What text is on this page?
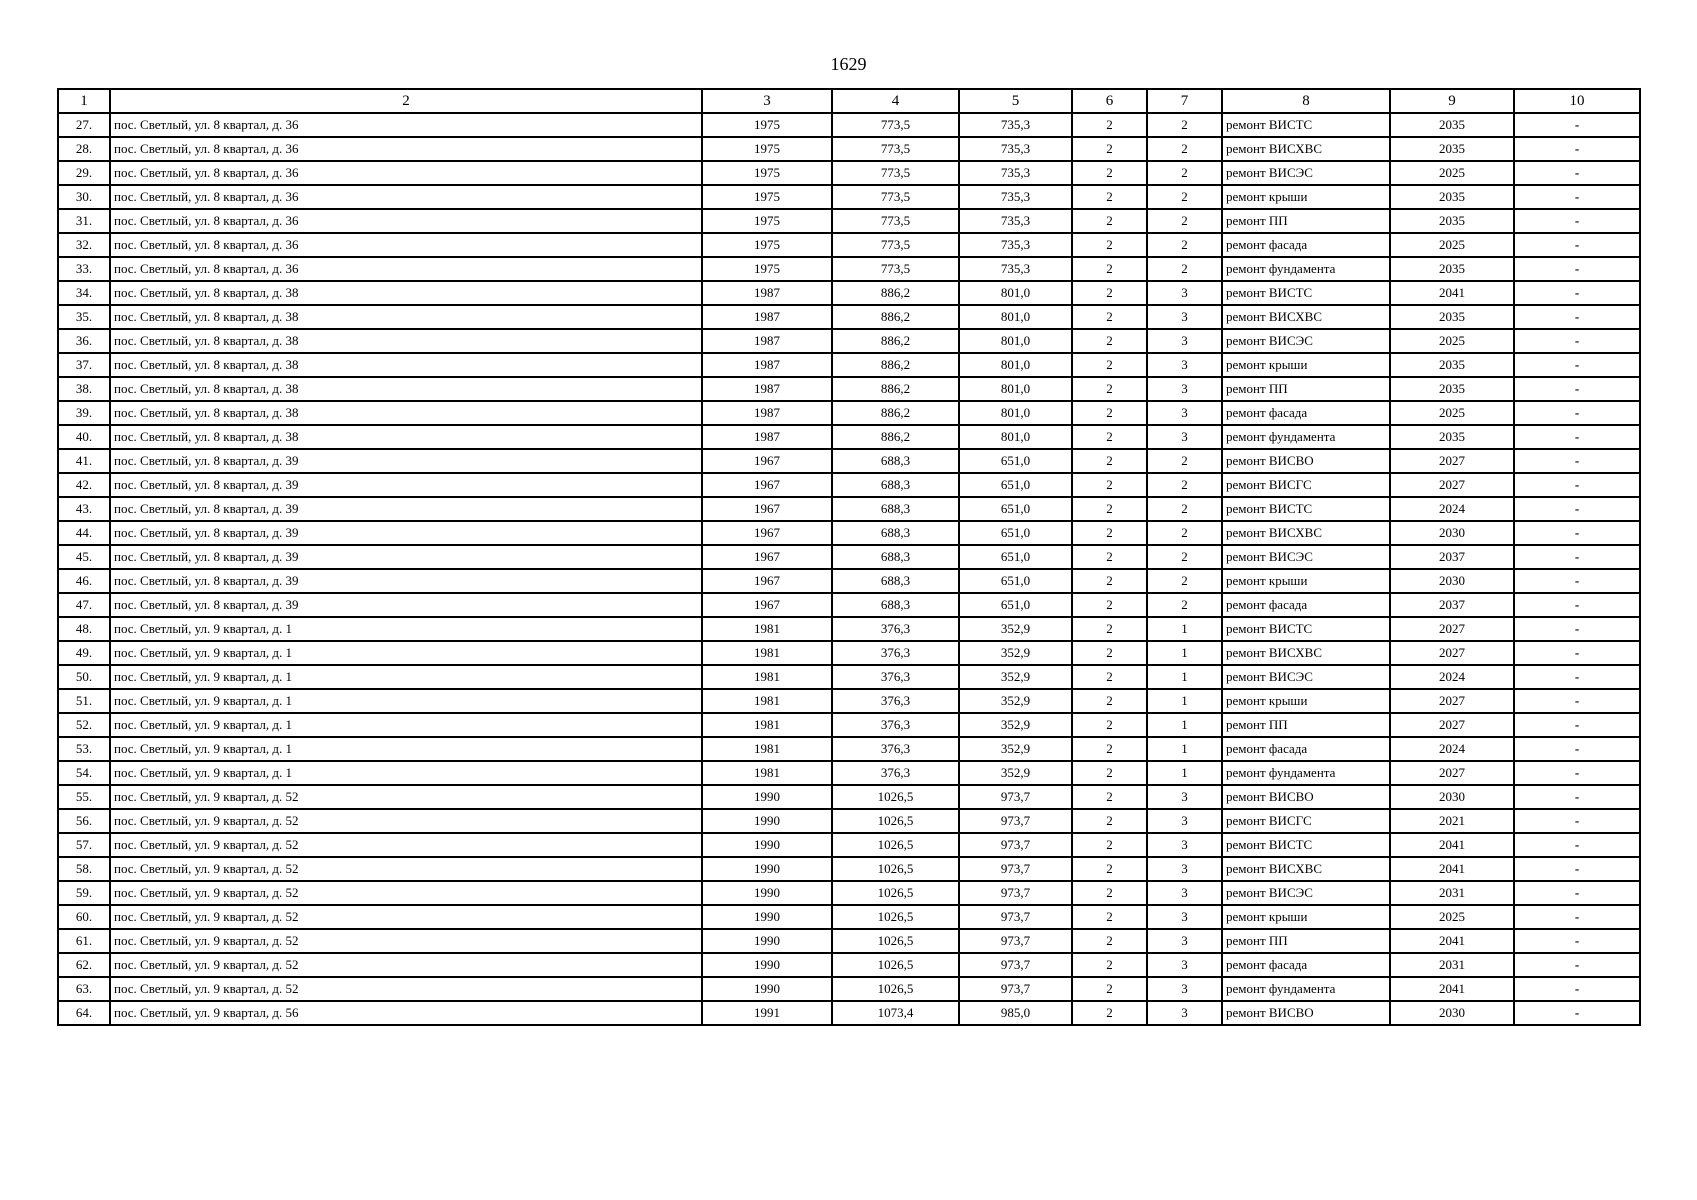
1629
1	2	3	4	5	6	7	8	9	10
27.	пос. Светлый, ул. 8 квартал, д. 36	1975	773,5	735,3	2	2	ремонт ВИСТС	2035	-
28.	пос. Светлый, ул. 8 квартал, д. 36	1975	773,5	735,3	2	2	ремонт ВИСХВС	2035	-
29.	пос. Светлый, ул. 8 квартал, д. 36	1975	773,5	735,3	2	2	ремонт ВИСЭС	2025	-
30.	пос. Светлый, ул. 8 квартал, д. 36	1975	773,5	735,3	2	2	ремонт крыши	2035	-
31.	пос. Светлый, ул. 8 квартал, д. 36	1975	773,5	735,3	2	2	ремонт ПП	2035	-
32.	пос. Светлый, ул. 8 квартал, д. 36	1975	773,5	735,3	2	2	ремонт фасада	2025	-
33.	пос. Светлый, ул. 8 квартал, д. 36	1975	773,5	735,3	2	2	ремонт фундамента	2035	-
34.	пос. Светлый, ул. 8 квартал, д. 38	1987	886,2	801,0	2	3	ремонт ВИСТС	2041	-
35.	пос. Светлый, ул. 8 квартал, д. 38	1987	886,2	801,0	2	3	ремонт ВИСХВС	2035	-
36.	пос. Светлый, ул. 8 квартал, д. 38	1987	886,2	801,0	2	3	ремонт ВИСЭС	2025	-
37.	пос. Светлый, ул. 8 квартал, д. 38	1987	886,2	801,0	2	3	ремонт крыши	2035	-
38.	пос. Светлый, ул. 8 квартал, д. 38	1987	886,2	801,0	2	3	ремонт ПП	2035	-
39.	пос. Светлый, ул. 8 квартал, д. 38	1987	886,2	801,0	2	3	ремонт фасада	2025	-
40.	пос. Светлый, ул. 8 квартал, д. 38	1987	886,2	801,0	2	3	ремонт фундамента	2035	-
41.	пос. Светлый, ул. 8 квартал, д. 39	1967	688,3	651,0	2	2	ремонт ВИСВО	2027	-
42.	пос. Светлый, ул. 8 квартал, д. 39	1967	688,3	651,0	2	2	ремонт ВИСГС	2027	-
43.	пос. Светлый, ул. 8 квартал, д. 39	1967	688,3	651,0	2	2	ремонт ВИСТС	2024	-
44.	пос. Светлый, ул. 8 квартал, д. 39	1967	688,3	651,0	2	2	ремонт ВИСХВС	2030	-
45.	пос. Светлый, ул. 8 квартал, д. 39	1967	688,3	651,0	2	2	ремонт ВИСЭС	2037	-
46.	пос. Светлый, ул. 8 квартал, д. 39	1967	688,3	651,0	2	2	ремонт крыши	2030	-
47.	пос. Светлый, ул. 8 квартал, д. 39	1967	688,3	651,0	2	2	ремонт фасада	2037	-
48.	пос. Светлый, ул. 9 квартал, д. 1	1981	376,3	352,9	2	1	ремонт ВИСТС	2027	-
49.	пос. Светлый, ул. 9 квартал, д. 1	1981	376,3	352,9	2	1	ремонт ВИСХВС	2027	-
50.	пос. Светлый, ул. 9 квартал, д. 1	1981	376,3	352,9	2	1	ремонт ВИСЭС	2024	-
51.	пос. Светлый, ул. 9 квартал, д. 1	1981	376,3	352,9	2	1	ремонт крыши	2027	-
52.	пос. Светлый, ул. 9 квартал, д. 1	1981	376,3	352,9	2	1	ремонт ПП	2027	-
53.	пос. Светлый, ул. 9 квартал, д. 1	1981	376,3	352,9	2	1	ремонт фасада	2024	-
54.	пос. Светлый, ул. 9 квартал, д. 1	1981	376,3	352,9	2	1	ремонт фундамента	2027	-
55.	пос. Светлый, ул. 9 квартал, д. 52	1990	1026,5	973,7	2	3	ремонт ВИСВО	2030	-
56.	пос. Светлый, ул. 9 квартал, д. 52	1990	1026,5	973,7	2	3	ремонт ВИСГС	2021	-
57.	пос. Светлый, ул. 9 квартал, д. 52	1990	1026,5	973,7	2	3	ремонт ВИСТС	2041	-
58.	пос. Светлый, ул. 9 квартал, д. 52	1990	1026,5	973,7	2	3	ремонт ВИСХВС	2041	-
59.	пос. Светлый, ул. 9 квартал, д. 52	1990	1026,5	973,7	2	3	ремонт ВИСЭС	2031	-
60.	пос. Светлый, ул. 9 квартал, д. 52	1990	1026,5	973,7	2	3	ремонт крыши	2025	-
61.	пос. Светлый, ул. 9 квартал, д. 52	1990	1026,5	973,7	2	3	ремонт ПП	2041	-
62.	пос. Светлый, ул. 9 квартал, д. 52	1990	1026,5	973,7	2	3	ремонт фасада	2031	-
63.	пос. Светлый, ул. 9 квартал, д. 52	1990	1026,5	973,7	2	3	ремонт фундамента	2041	-
64.	пос. Светлый, ул. 9 квартал, д. 56	1991	1073,4	985,0	2	3	ремонт ВИСВО	2030	-
